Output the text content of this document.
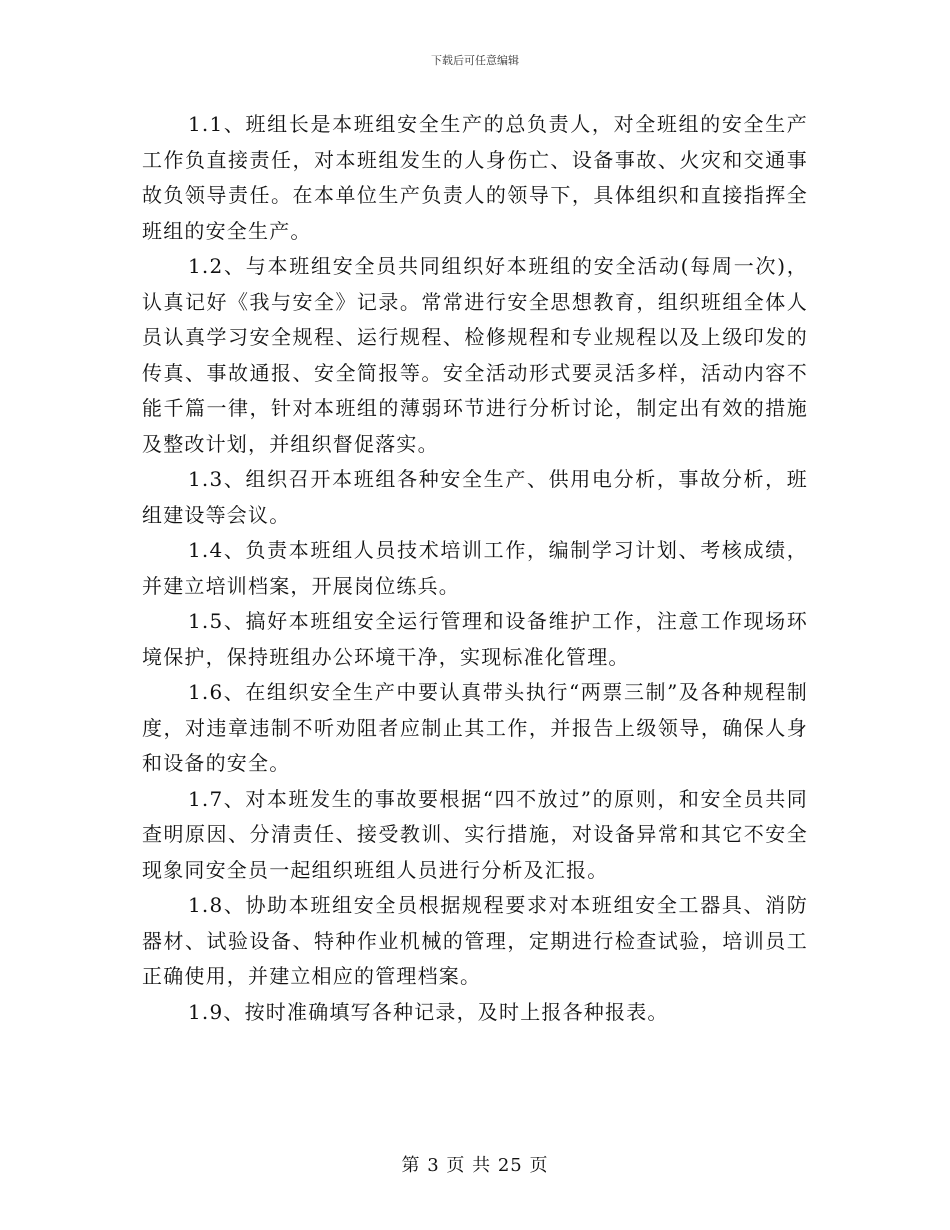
下载后可任意编辑

1.1、班组长是本班组安全生产的总负责人，对全班组的安全生产工作负直接责任，对本班组发生的人身伤亡、设备事故、火灾和交通事故负领导责任。在本单位生产负责人的领导下，具体组织和直接指挥全班组的安全生产。

1.2、与本班组安全员共同组织好本班组的安全活动(每周一次)，认真记好《我与安全》记录。常常进行安全思想教育，组织班组全体人员认真学习安全规程、运行规程、检修规程和专业规程以及上级印发的传真、事故通报、安全简报等。安全活动形式要灵活多样，活动内容不能千篇一律，针对本班组的薄弱环节进行分析讨论，制定出有效的措施及整改计划，并组织督促落实。

1.3、组织召开本班组各种安全生产、供用电分析，事故分析，班组建设等会议。

1.4、负责本班组人员技术培训工作，编制学习计划、考核成绩，并建立培训档案，开展岗位练兵。

1.5、搞好本班组安全运行管理和设备维护工作，注意工作现场环境保护，保持班组办公环境干净，实现标准化管理。

1.6、在组织安全生产中要认真带头执行“两票三制”及各种规程制度，对违章违制不听劝阻者应制止其工作，并报告上级领导，确保人身和设备的安全。

1.7、对本班发生的事故要根据“四不放过”的原则，和安全员共同查明原因、分清责任、接受教训、实行措施，对设备异常和其它不安全现象同安全员一起组织班组人员进行分析及汇报。

1.8、协助本班组安全员根据规程要求对本班组安全工器具、消防器材、试验设备、特种作业机械的管理，定期进行检查试验，培训员工正确使用，并建立相应的管理档案。

1.9、按时准确填写各种记录，及时上报各种报表。

第 3 页 共 25 页
